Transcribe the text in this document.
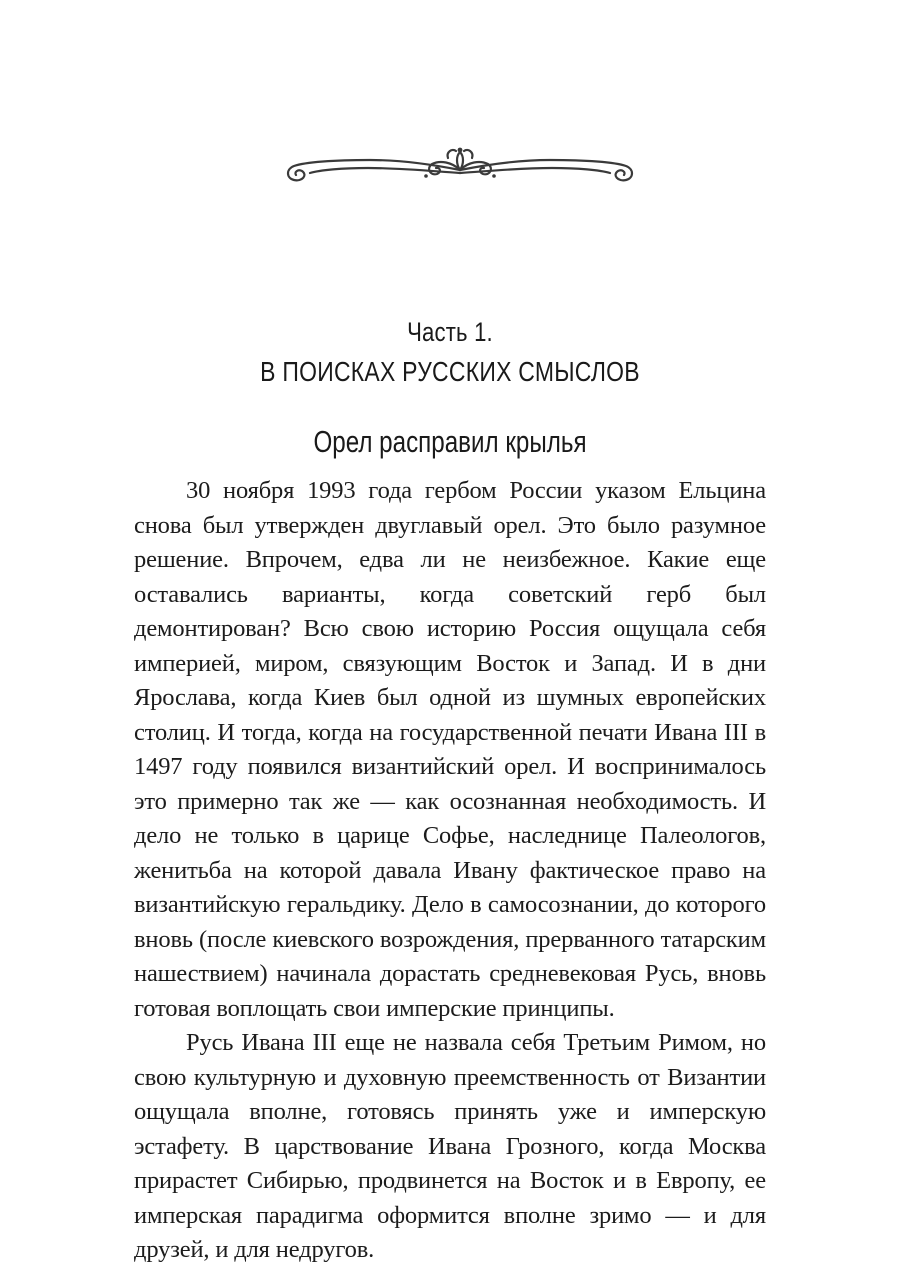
Часть 1.
В ПОИСКАХ РУССКИХ СМЫСЛОВ
Орел расправил крылья

30 ноября 1993 года гербом России указом Ельцина снова был утвержден двуглавый орел. Это было разумное решение. Впрочем, едва ли не неизбежное. Какие еще оставались варианты, когда советский герб был демонтирован? Всю свою историю Россия ощущала себя империей, миром, связующим Восток и Запад. И в дни Ярослава, когда Киев был одной из шумных европейских столиц. И тогда, когда на государственной печати Ивана III в 1497 году появился византийский орел. И воспринималось это примерно так же — как осознанная необходимость. И дело не только в царице Софье, наследнице Палеологов, женитьба на которой давала Ивану фактическое право на византийскую геральдику. Дело в самосознании, до которого вновь (после киевского возрождения, прерванного татарским нашествием) начинала дорастать средневековая Русь, вновь готовая воплощать свои имперские принципы.

Русь Ивана III еще не назвала себя Третьим Римом, но свою культурную и духовную преемственность от Византии ощущала вполне, готовясь принять уже и имперскую эстафету. В царствование Ивана Грозного, когда Москва прирастет Сибирью, продвинется на Восток и в Европу, ее имперская парадигма оформится вполне зримо — и для друзей, и для недругов.
